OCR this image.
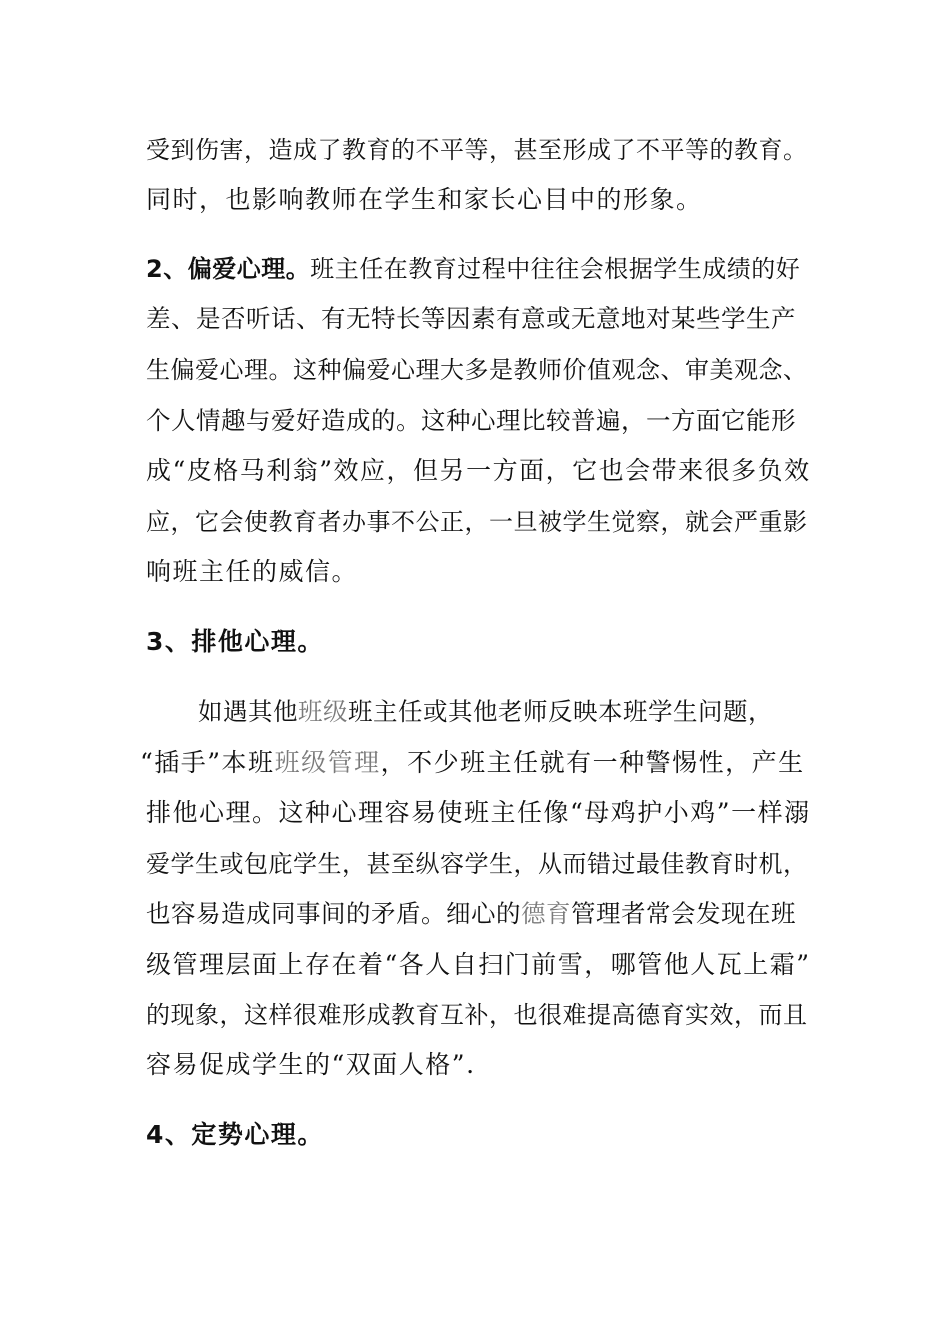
受到伤害，造成了教育的不平等，甚至形成了不平等的教育。
同时，也影响教师在学生和家长心目中的形象。
2、偏爱心理。班主任在教育过程中往往会根据学生成绩的好
差、是否听话、有无特长等因素有意或无意地对某些学生产
生偏爱心理。这种偏爱心理大多是教师价值观念、审美观念、
个人情趣与爱好造成的。这种心理比较普遍，一方面它能形
成“皮格马利翁”效应，但另一方面，它也会带来很多负效
应，它会使教育者办事不公正，一旦被学生觉察，就会严重影
响班主任的威信。
3、排他心理。
如遇其他班级班主任或其他老师反映本班学生问题，
“插手”本班班级管理，不少班主任就有一种警惕性，产生
排他心理。这种心理容易使班主任像“母鸡护小鸡”一样溺
爱学生或包庇学生，甚至纵容学生，从而错过最佳教育时机，
也容易造成同事间的矛盾。细心的德育管理者常会发现在班
级管理层面上存在着“各人自扫门前雪，哪管他人瓦上霜”
的现象，这样很难形成教育互补，也很难提高德育实效，而且
容易促成学生的“双面人格”.
4、定势心理。
